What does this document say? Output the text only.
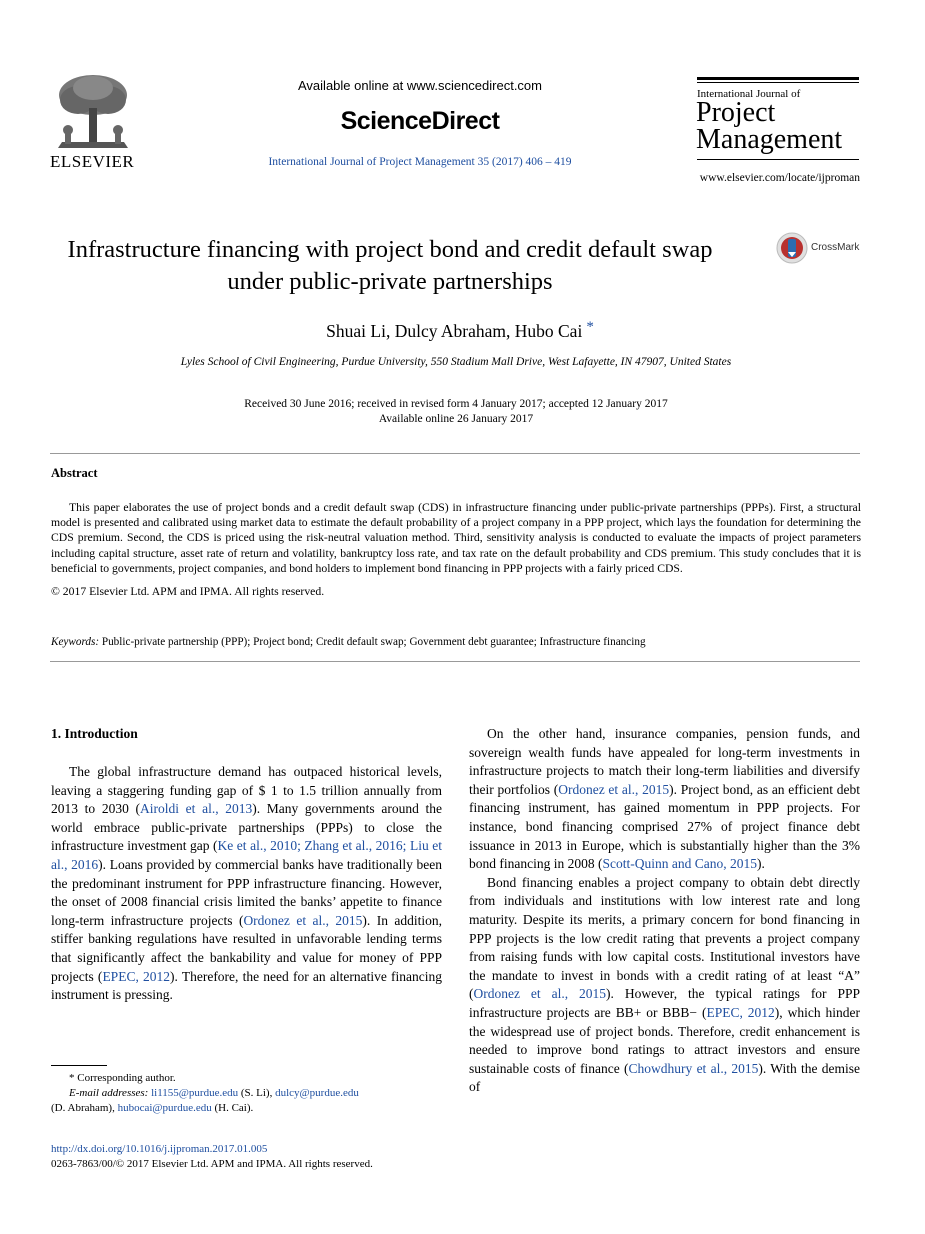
ELSEVIER
Available online at www.sciencedirect.com
ScienceDirect
International Journal of Project Management 35 (2017) 406 – 419
International Journal of
Project
Management
www.elsevier.com/locate/ijproman
Infrastructure financing with project bond and credit default swap under public-private partnerships
CrossMark
Shuai Li, Dulcy Abraham, Hubo Cai *
Lyles School of Civil Engineering, Purdue University, 550 Stadium Mall Drive, West Lafayette, IN 47907, United States
Received 30 June 2016; received in revised form 4 January 2017; accepted 12 January 2017
Available online 26 January 2017
Abstract
This paper elaborates the use of project bonds and a credit default swap (CDS) in infrastructure financing under public-private partnerships (PPPs). First, a structural model is presented and calibrated using market data to estimate the default probability of a project company in a PPP project, which lays the foundation for determining the CDS premium. Second, the CDS is priced using the risk-neutral valuation method. Third, sensitivity analysis is conducted to evaluate the impacts of project parameters including capital structure, asset rate of return and volatility, bankruptcy loss rate, and tax rate on the default probability and CDS premium. This study concludes that it is beneficial to governments, project companies, and bond holders to implement bond financing in PPP projects with a fairly priced CDS.
© 2017 Elsevier Ltd. APM and IPMA. All rights reserved.
Keywords: Public-private partnership (PPP); Project bond; Credit default swap; Government debt guarantee; Infrastructure financing
1. Introduction

The global infrastructure demand has outpaced historical levels, leaving a staggering funding gap of $ 1 to 1.5 trillion annually from 2013 to 2030 (Airoldi et al., 2013). Many governments around the world embrace public-private partnerships (PPPs) to close the infrastructure investment gap (Ke et al., 2010; Zhang et al., 2016; Liu et al., 2016). Loans provided by commercial banks have traditionally been the predominant instrument for PPP infrastructure financing. However, the onset of 2008 financial crisis limited the banks’ appetite to finance long-term infrastructure projects (Ordonez et al., 2015). In addition, stiffer banking regulations have resulted in unfavorable lending terms that significantly affect the bankability and value for money of PPP projects (EPEC, 2012). Therefore, the need for an alternative financing instrument is pressing.

On the other hand, insurance companies, pension funds, and sovereign wealth funds have appealed for long-term investments in infrastructure projects to match their long-term liabilities and diversify their portfolios (Ordonez et al., 2015). Project bond, as an efficient debt financing instrument, has gained momentum in PPP projects. For instance, bond financing comprised 27% of project finance debt issuance in 2013 in Europe, which is substantially higher than the 3% bond financing in 2008 (Scott-Quinn and Cano, 2015).

Bond financing enables a project company to obtain debt directly from individuals and institutions with low interest rate and long maturity. Despite its merits, a primary concern for bond financing in PPP projects is the low credit rating that prevents a project company from raising funds with low capital costs. Institutional investors have the mandate to invest in bonds with a credit rating of at least “A” (Ordonez et al., 2015). However, the typical ratings for PPP infrastructure projects are BB+ or BBB− (EPEC, 2012), which hinder the widespread use of project bonds. Therefore, credit enhancement is needed to improve bond ratings to attract investors and ensure sustainable costs of finance (Chowdhury et al., 2015). With the demise of

* Corresponding author.
E-mail addresses: li1155@purdue.edu (S. Li), dulcy@purdue.edu
(D. Abraham), hubocai@purdue.edu (H. Cai).
http://dx.doi.org/10.1016/j.ijproman.2017.01.005
0263-7863/00/© 2017 Elsevier Ltd. APM and IPMA. All rights reserved.
